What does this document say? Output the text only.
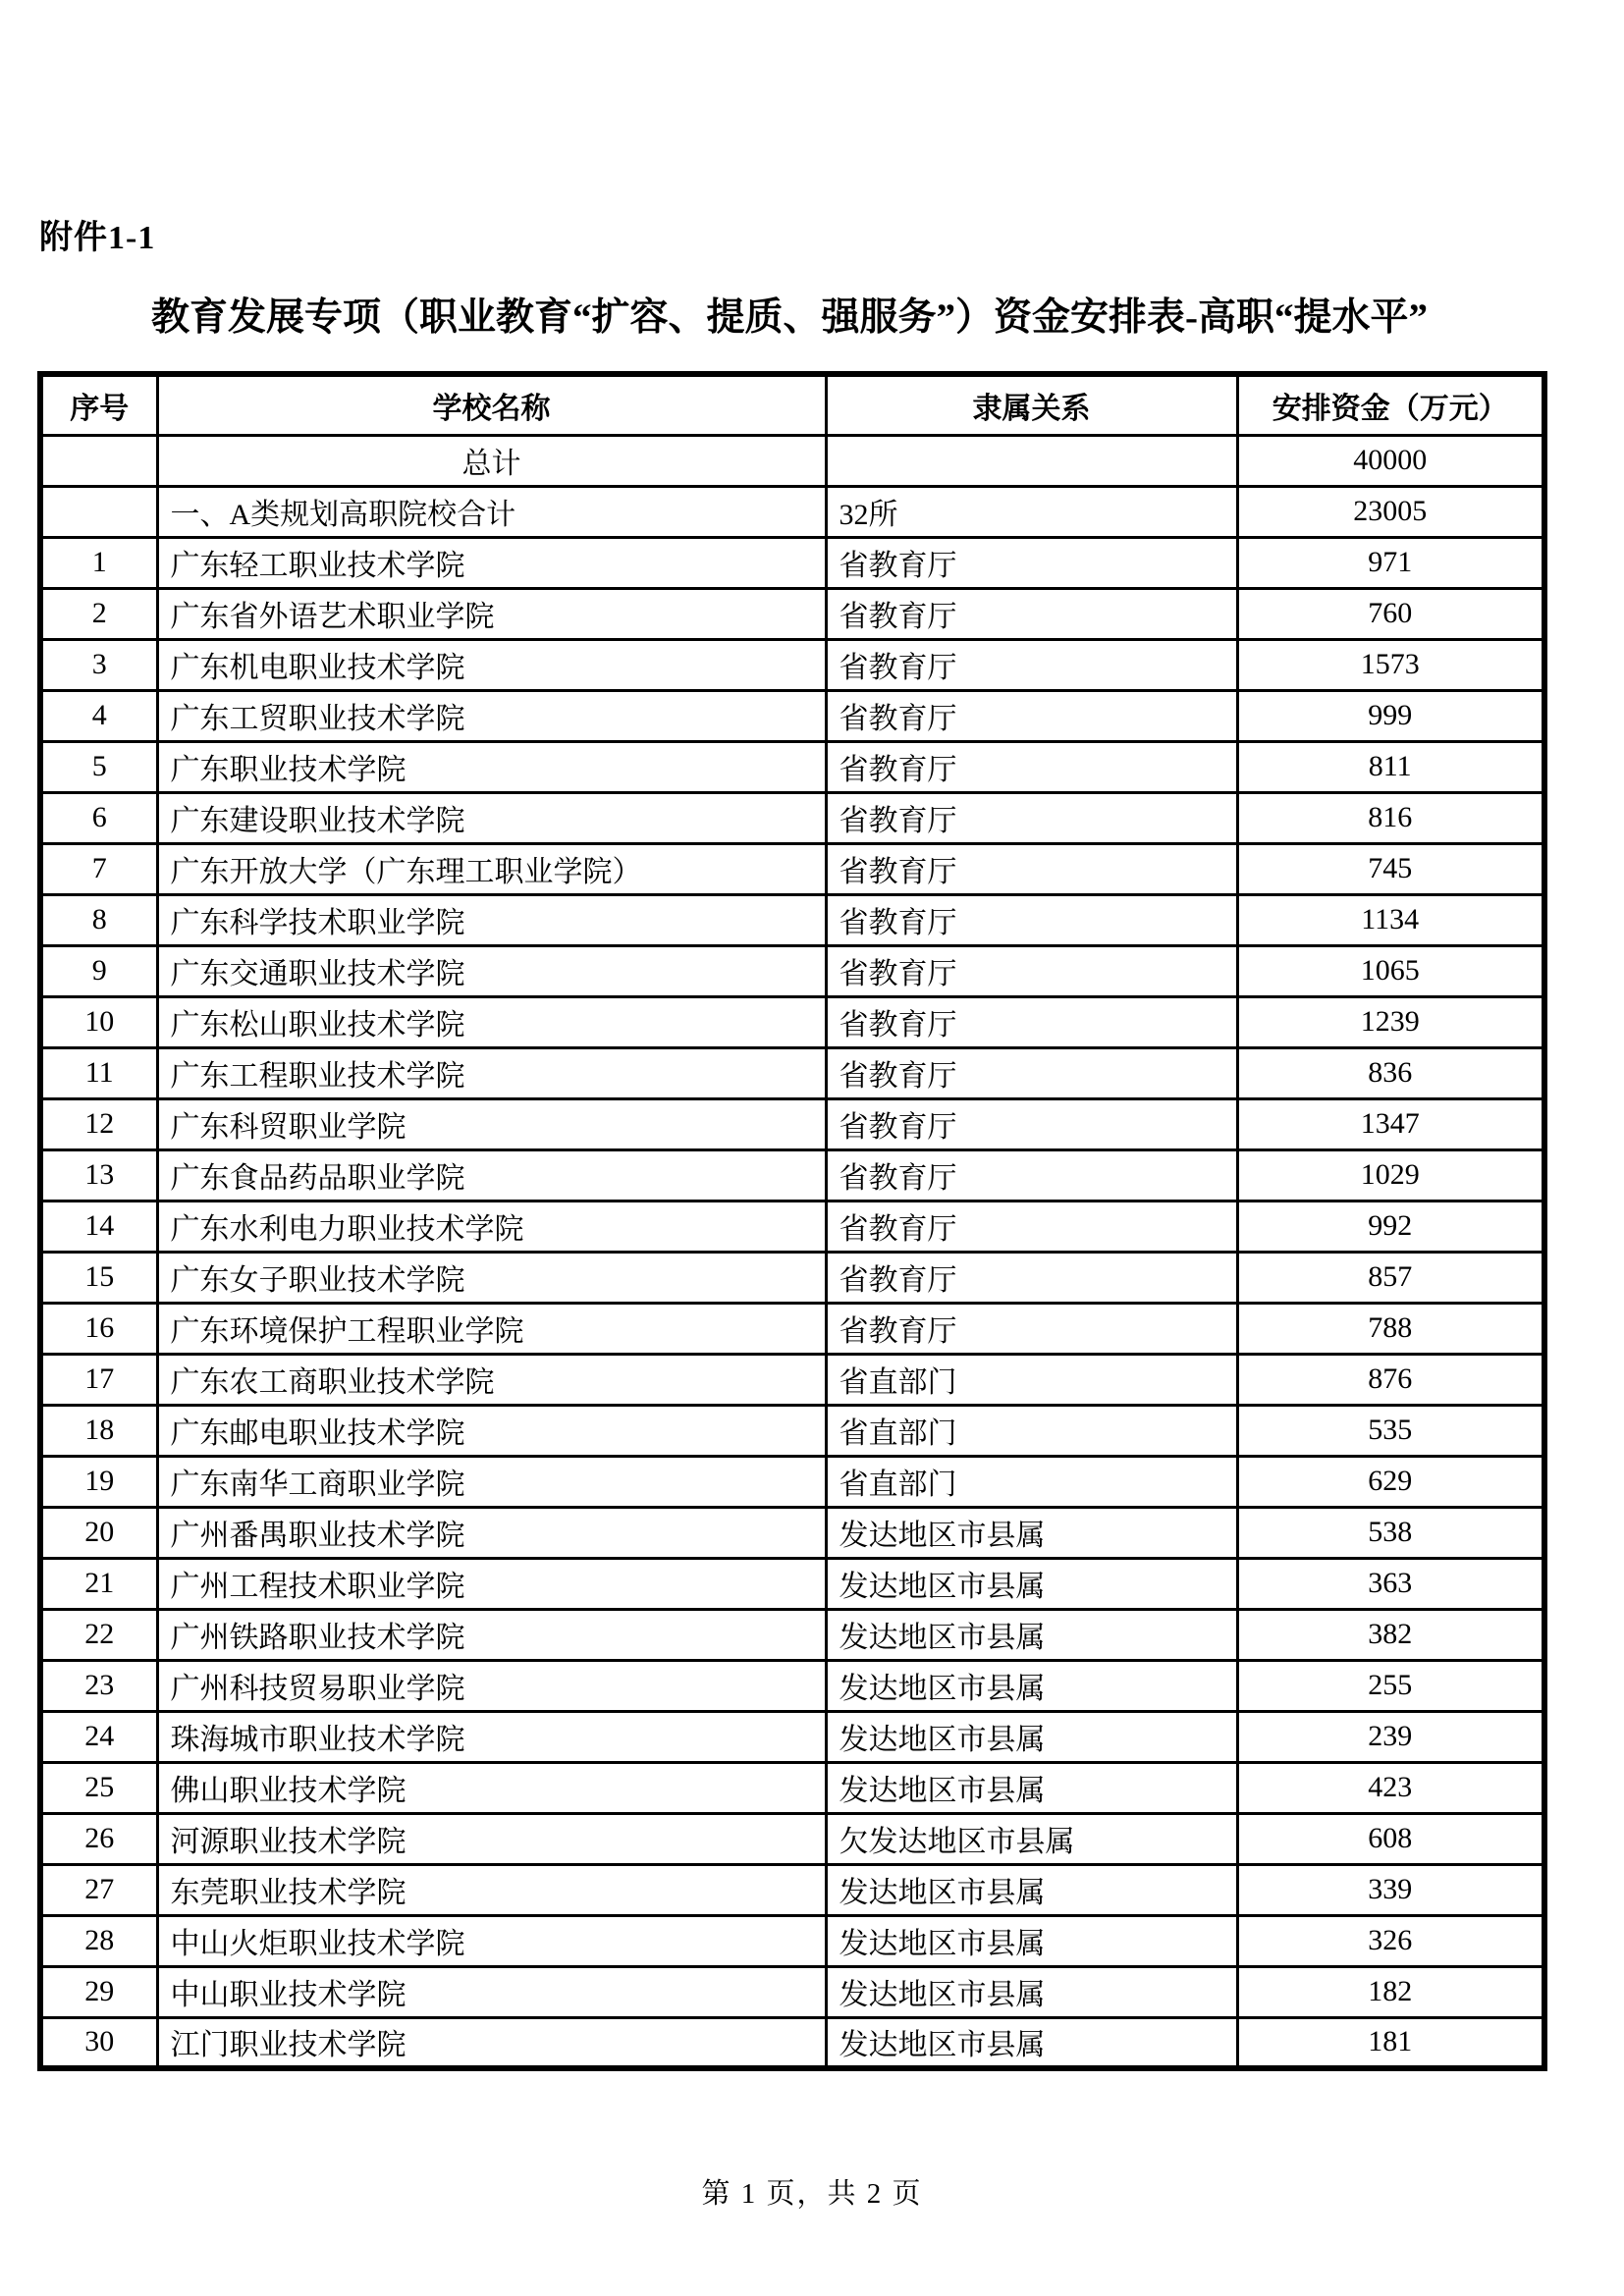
附件1-1
教育发展专项（职业教育“扩容、提质、强服务”）资金安排表-高职“提水平”
序号	学校名称	隶属关系	安排资金（万元）
	总计		40000
	一、A类规划高职院校合计	32所	23005
1	广东轻工职业技术学院	省教育厅	971
2	广东省外语艺术职业学院	省教育厅	760
3	广东机电职业技术学院	省教育厅	1573
4	广东工贸职业技术学院	省教育厅	999
5	广东职业技术学院	省教育厅	811
6	广东建设职业技术学院	省教育厅	816
7	广东开放大学（广东理工职业学院）	省教育厅	745
8	广东科学技术职业学院	省教育厅	1134
9	广东交通职业技术学院	省教育厅	1065
10	广东松山职业技术学院	省教育厅	1239
11	广东工程职业技术学院	省教育厅	836
12	广东科贸职业学院	省教育厅	1347
13	广东食品药品职业学院	省教育厅	1029
14	广东水利电力职业技术学院	省教育厅	992
15	广东女子职业技术学院	省教育厅	857
16	广东环境保护工程职业学院	省教育厅	788
17	广东农工商职业技术学院	省直部门	876
18	广东邮电职业技术学院	省直部门	535
19	广东南华工商职业学院	省直部门	629
20	广州番禺职业技术学院	发达地区市县属	538
21	广州工程技术职业学院	发达地区市县属	363
22	广州铁路职业技术学院	发达地区市县属	382
23	广州科技贸易职业学院	发达地区市县属	255
24	珠海城市职业技术学院	发达地区市县属	239
25	佛山职业技术学院	发达地区市县属	423
26	河源职业技术学院	欠发达地区市县属	608
27	东莞职业技术学院	发达地区市县属	339
28	中山火炬职业技术学院	发达地区市县属	326
29	中山职业技术学院	发达地区市县属	182
30	江门职业技术学院	发达地区市县属	181
第 1 页，共 2 页
